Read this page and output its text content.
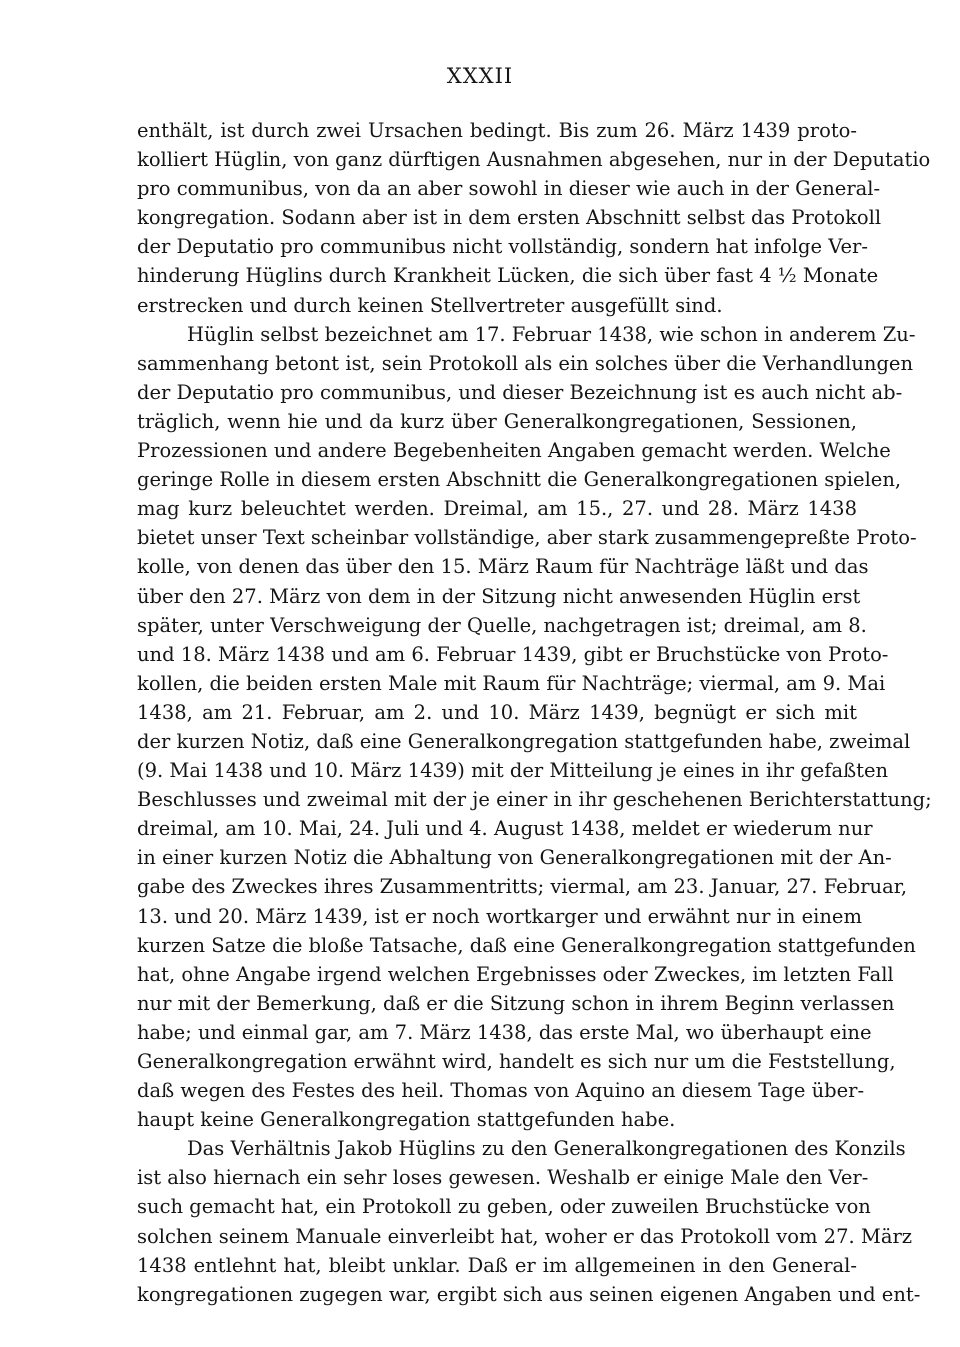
XXXII
enthält, ist durch zwei Ursachen bedingt. Bis zum 26. März 1439 proto-
kolliert Hüglin, von ganz dürftigen Ausnahmen abgesehen, nur in der Deputatio
pro communibus, von da an aber sowohl in dieser wie auch in der General-
kongregation. Sodann aber ist in dem ersten Abschnitt selbst das Protokoll
der Deputatio pro communibus nicht vollständig, sondern hat infolge Ver-
hinderung Hüglins durch Krankheit Lücken, die sich über fast 4 ½ Monate
erstrecken und durch keinen Stellvertreter ausgefüllt sind.
Hüglin selbst bezeichnet am 17. Februar 1438, wie schon in anderem Zu-
sammenhang betont ist, sein Protokoll als ein solches über die Verhandlungen
der Deputatio pro communibus, und dieser Bezeichnung ist es auch nicht ab-
träglich, wenn hie und da kurz über Generalkongregationen, Sessionen,
Prozessionen und andere Begebenheiten Angaben gemacht werden. Welche
geringe Rolle in diesem ersten Abschnitt die Generalkongregationen spielen,
mag kurz beleuchtet werden. Dreimal, am 15., 27. und 28. März 1438
bietet unser Text scheinbar vollständige, aber stark zusammengepreßte Proto-
kolle, von denen das über den 15. März Raum für Nachträge läßt und das
über den 27. März von dem in der Sitzung nicht anwesenden Hüglin erst
später, unter Verschweigung der Quelle, nachgetragen ist; dreimal, am 8.
und 18. März 1438 und am 6. Februar 1439, gibt er Bruchstücke von Proto-
kollen, die beiden ersten Male mit Raum für Nachträge; viermal, am 9. Mai
1438, am 21. Februar, am 2. und 10. März 1439, begnügt er sich mit
der kurzen Notiz, daß eine Generalkongregation stattgefunden habe, zweimal
(9. Mai 1438 und 10. März 1439) mit der Mitteilung je eines in ihr gefaßten
Beschlusses und zweimal mit der je einer in ihr geschehenen Berichterstattung;
dreimal, am 10. Mai, 24. Juli und 4. August 1438, meldet er wiederum nur
in einer kurzen Notiz die Abhaltung von Generalkongregationen mit der An-
gabe des Zweckes ihres Zusammentritts; viermal, am 23. Januar, 27. Februar,
13. und 20. März 1439, ist er noch wortkarger und erwähnt nur in einem
kurzen Satze die bloße Tatsache, daß eine Generalkongregation stattgefunden
hat, ohne Angabe irgend welchen Ergebnisses oder Zweckes, im letzten Fall
nur mit der Bemerkung, daß er die Sitzung schon in ihrem Beginn verlassen
habe; und einmal gar, am 7. März 1438, das erste Mal, wo überhaupt eine
Generalkongregation erwähnt wird, handelt es sich nur um die Feststellung,
daß wegen des Festes des heil. Thomas von Aquino an diesem Tage über-
haupt keine Generalkongregation stattgefunden habe.
Das Verhältnis Jakob Hüglins zu den Generalkongregationen des Konzils
ist also hiernach ein sehr loses gewesen. Weshalb er einige Male den Ver-
such gemacht hat, ein Protokoll zu geben, oder zuweilen Bruchstücke von
solchen seinem Manuale einverleibt hat, woher er das Protokoll vom 27. März
1438 entlehnt hat, bleibt unklar. Daß er im allgemeinen in den General-
kongregationen zugegen war, ergibt sich aus seinen eigenen Angaben und ent-
